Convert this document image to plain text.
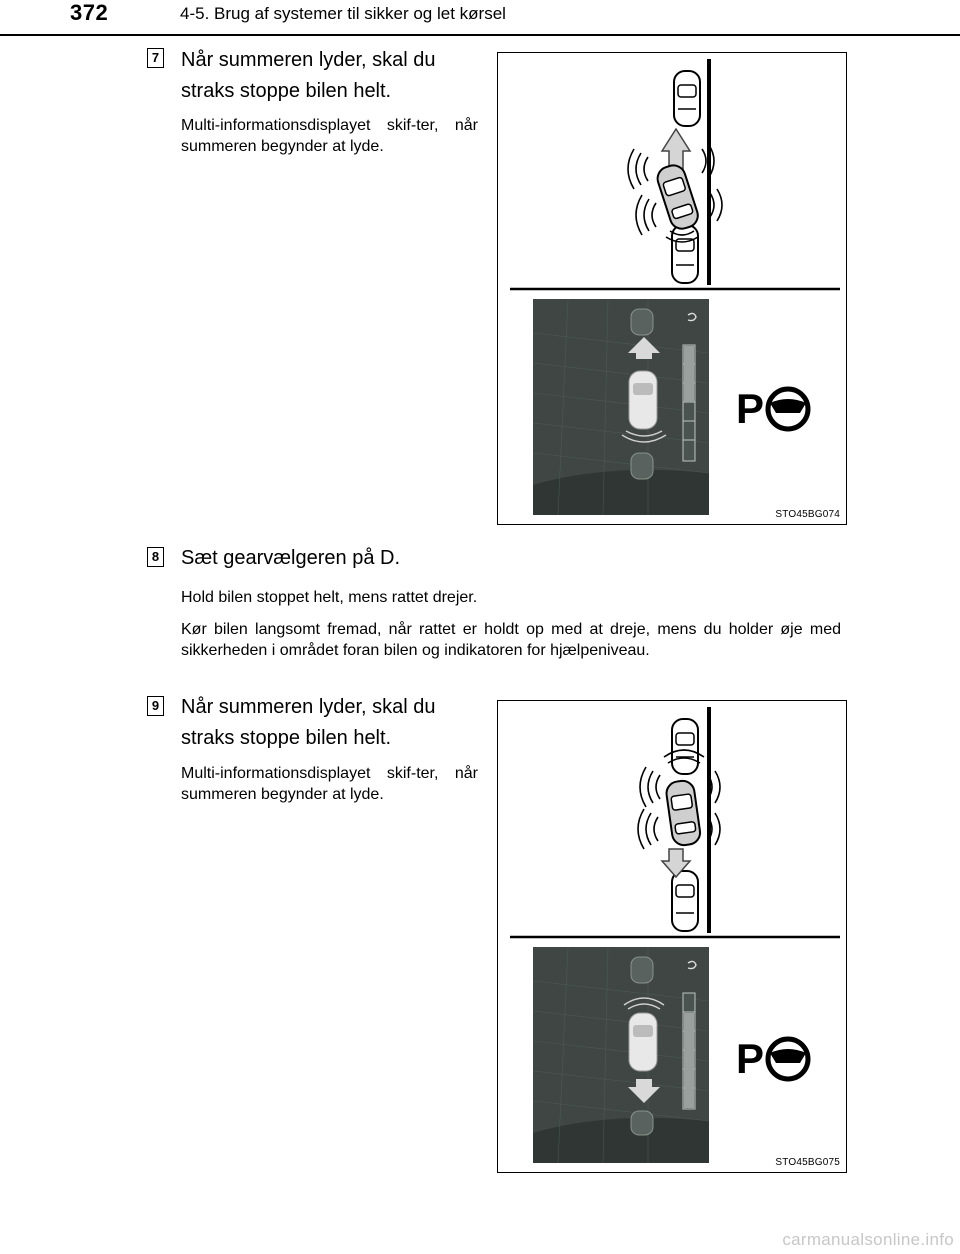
372	4-5. Brug af systemer til sikker og let kørsel
7 Når summeren lyder, skal du straks stoppe bilen helt.

Multi-informationsdisplayet skif-ter, når summeren begynder at lyde.

P
STO45BG074
8 Sæt gearvælgeren på D.

Hold bilen stoppet helt, mens rattet drejer.

Kør bilen langsomt fremad, når rattet er holdt op med at dreje, mens du holder øje med sikkerheden i området foran bilen og indikatoren for hjælpeniveau.

9 Når summeren lyder, skal du straks stoppe bilen helt.

Multi-informationsdisplayet skif-ter, når summeren begynder at lyde.

P
STO45BG075
carmanualsonline.info
